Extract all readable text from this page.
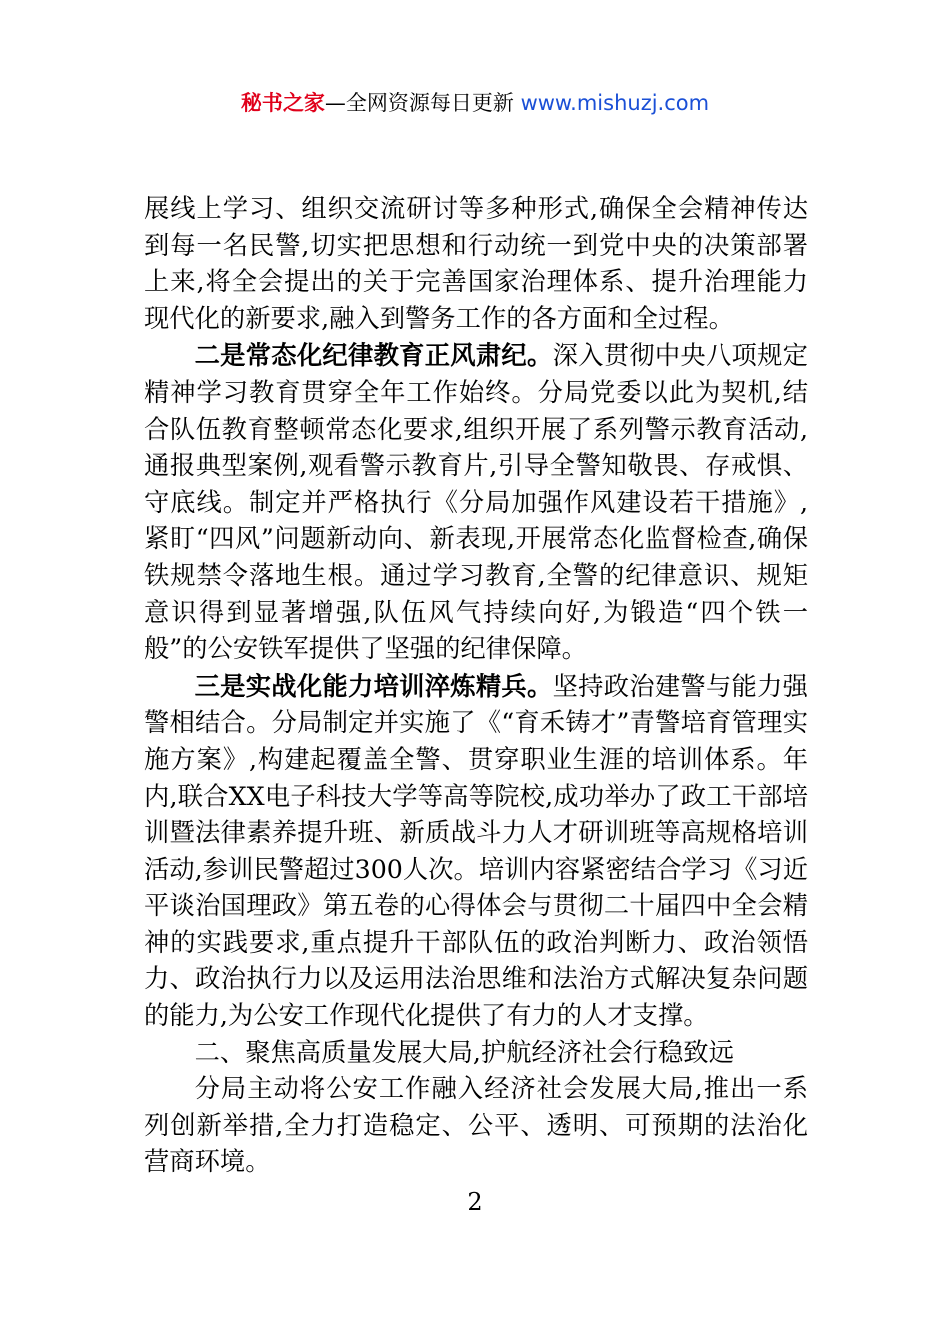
秘书之家—全网资源每日更新 www.mishuzj.com

展线上学习、组织交流研讨等多种形式,确保全会精神传达到每一名民警,切实把思想和行动统一到党中央的决策部署上来,将全会提出的关于完善国家治理体系、提升治理能力现代化的新要求,融入到警务工作的各方面和全过程。

二是常态化纪律教育正风肃纪。深入贯彻中央八项规定精神学习教育贯穿全年工作始终。分局党委以此为契机,结合队伍教育整顿常态化要求,组织开展了系列警示教育活动,通报典型案例,观看警示教育片,引导全警知敬畏、存戒惧、守底线。制定并严格执行《分局加强作风建设若干措施》,紧盯“四风”问题新动向、新表现,开展常态化监督检查,确保铁规禁令落地生根。通过学习教育,全警的纪律意识、规矩意识得到显著增强,队伍风气持续向好,为锻造“四个铁一般”的公安铁军提供了坚强的纪律保障。

三是实战化能力培训淬炼精兵。坚持政治建警与能力强警相结合。分局制定并实施了《“育禾铸才”青警培育管理实施方案》,构建起覆盖全警、贯穿职业生涯的培训体系。年内,联合XX电子科技大学等高等院校,成功举办了政工干部培训暨法律素养提升班、新质战斗力人才研训班等高规格培训活动,参训民警超过300人次。培训内容紧密结合学习《习近平谈治国理政》第五卷的心得体会与贯彻二十届四中全会精神的实践要求,重点提升干部队伍的政治判断力、政治领悟力、政治执行力以及运用法治思维和法治方式解决复杂问题的能力,为公安工作现代化提供了有力的人才支撑。

二、聚焦高质量发展大局,护航经济社会行稳致远

分局主动将公安工作融入经济社会发展大局,推出一系列创新举措,全力打造稳定、公平、透明、可预期的法治化营商环境。

2
